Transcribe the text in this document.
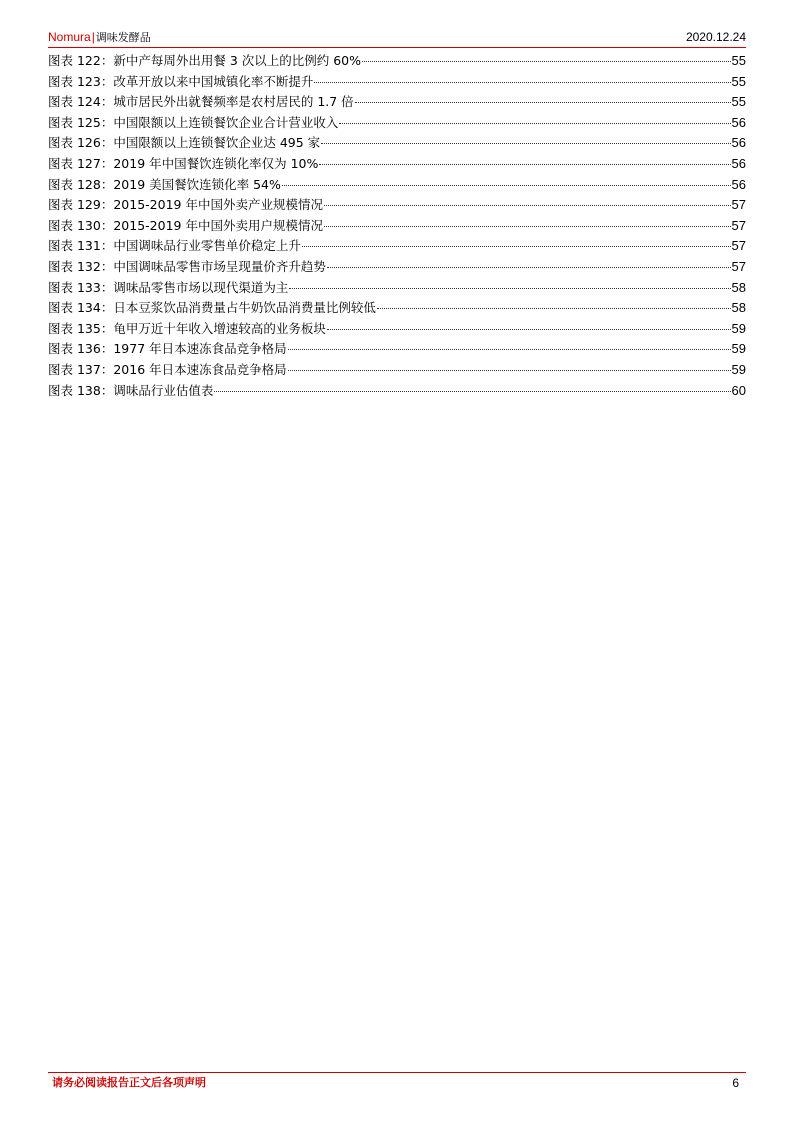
Nomura|调味发酵品	2020.12.24
图表 122： 新中产每周外出用餐 3 次以上的比例约 60%	55
图表 123： 改革开放以来中国城镇化率不断提升	55
图表 124： 城市居民外出就餐频率是农村居民的 1.7 倍	55
图表 125： 中国限额以上连锁餐饮企业合计营业收入	56
图表 126： 中国限额以上连锁餐饮企业达 495 家	56
图表 127： 2019 年中国餐饮连锁化率仅为 10%	56
图表 128： 2019 美国餐饮连锁化率 54%	56
图表 129： 2015-2019 年中国外卖产业规模情况	57
图表 130： 2015-2019 年中国外卖用户规模情况	57
图表 131： 中国调味品行业零售单价稳定上升	57
图表 132： 中国调味品零售市场呈现量价齐升趋势	57
图表 133： 调味品零售市场以现代渠道为主	58
图表 134： 日本豆浆饮品消费量占牛奶饮品消费量比例较低	58
图表 135： 龟甲万近十年收入增速较高的业务板块	59
图表 136： 1977 年日本速冻食品竞争格局	59
图表 137： 2016 年日本速冻食品竞争格局	59
图表 138： 调味品行业估值表	60
请务必阅读报告正文后各项声明	6
